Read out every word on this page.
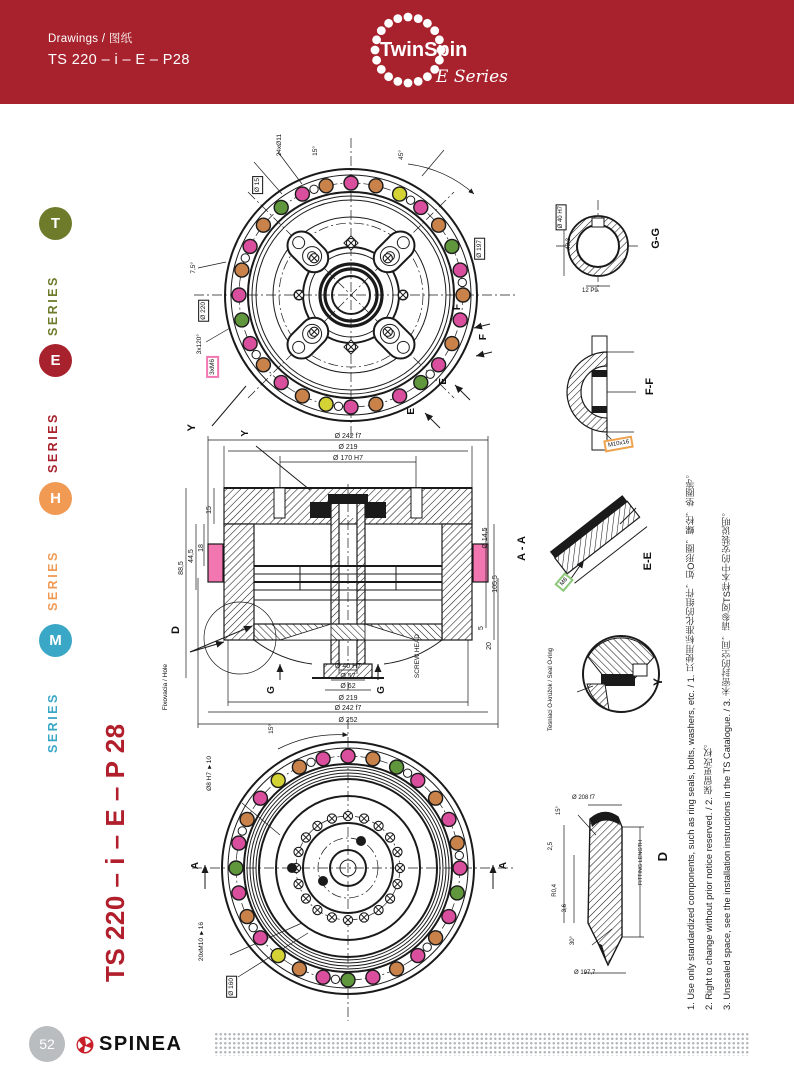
Drawings / 图纸
TS 220 – i – E – P28	TwinSpin
E Series
T
SERIES
E
SERIES
H
SERIES
M
SERIES
TS 220 – i – E – P 28
24xØ11	15°	45°
Ø 15
7,5°
Ø 220
Ø 197
3x120°
3xM6
Y
E
E
F
F
Ø 242 f7
Ø 219
Ø 170 H7
G	G
Ø 40 H7
Ø 57
Ø 62
Ø 219
Ø 242 f7
Ø 252
88,5
44,5
18
15
Ø 14,5
105,5
5
20
Y
D
A - A
SCREW HEAD
Fixovacia / Hole
15°
Ø8 H7 ▼10
20xM10 ▼16
Ø 160
A	A
Ø 40 H7
43,3
12 P9
G-G
M10x16
F-F
M8
E-E
Tesniaci O-krúžok / Seal O-ring	Y
Ø 208 f7
15°
2,5
R0,4
3,6
30°
FITTING LENGTH
Ø 197,7
D 1. Use only standardized components, such as ring seals, bolts, washers, etc. / 1. 只使用标准化的组件，如O形圈，螺栓，垫圈等。 2. Right to change without prior notice reserved. / 2. 保留更改权。 3. Unsealed space, see the installation instructions in the TS Catalogue. / 3. 未密封的空间，请参阅TS样本中的安装说明。
52 SPINEA
